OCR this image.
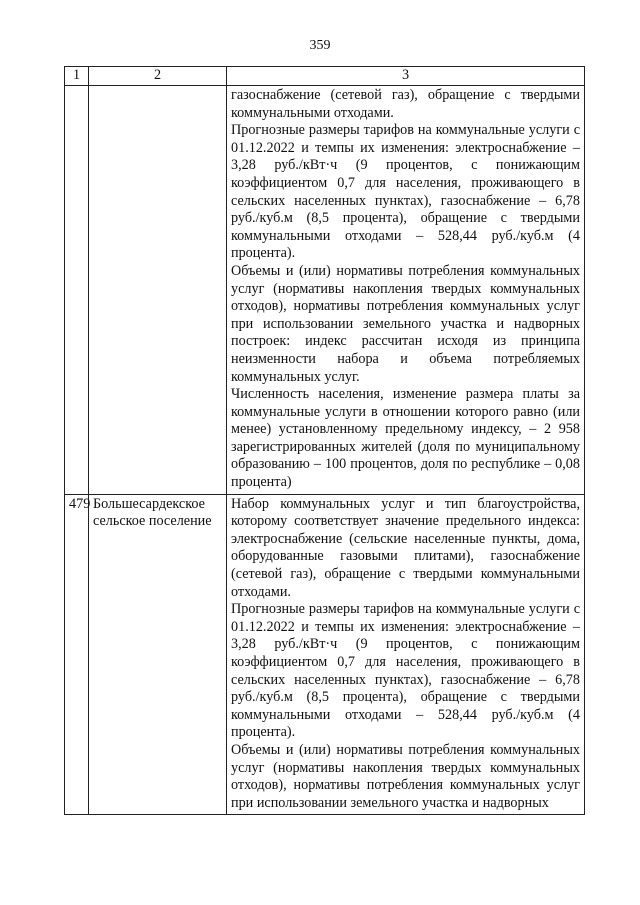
359
1	2	3

		газоснабжение (сетевой газ), обращение с твердыми коммунальными отходами.

Прогнозные размеры тарифов на коммунальные услуги с 01.12.2022 и темпы их изменения: электроснабжение – 3,28 руб./кВт·ч (9 процентов, с понижающим коэффициентом 0,7 для населения, проживающего в сельских населенных пунктах), газоснабжение – 6,78 руб./куб.м (8,5 процента), обращение с твердыми коммунальными отходами – 528,44 руб./куб.м (4 процента).

Объемы и (или) нормативы потребления коммунальных услуг (нормативы накопления твердых коммунальных отходов), нормативы потребления коммунальных услуг при использовании земельного участка и надворных построек: индекс рассчитан исходя из принципа неизменности набора и объема потребляемых коммунальных услуг.

Численность населения, изменение размера платы за коммунальные услуги в отношении которого равно (или менее) установленному предельному индексу, – 2 958 зарегистрированных жителей (доля по муниципальному образованию – 100 процентов, доля по республике – 0,08 процента)

479	Большесардекское сельское поселение	Набор коммунальных услуг и тип благоустройства, которому соответствует значение предельного индекса: электроснабжение (сельские населенные пункты, дома, оборудованные газовыми плитами), газоснабжение (сетевой газ), обращение с твердыми коммунальными отходами.

Прогнозные размеры тарифов на коммунальные услуги с 01.12.2022 и темпы их изменения: электроснабжение – 3,28 руб./кВт·ч (9 процентов, с понижающим коэффициентом 0,7 для населения, проживающего в сельских населенных пунктах), газоснабжение – 6,78 руб./куб.м (8,5 процента), обращение с твердыми коммунальными отходами – 528,44 руб./куб.м (4 процента).

Объемы и (или) нормативы потребления коммунальных услуг (нормативы накопления твердых коммунальных отходов), нормативы потребления коммунальных услуг при использовании земельного участка и надворных
